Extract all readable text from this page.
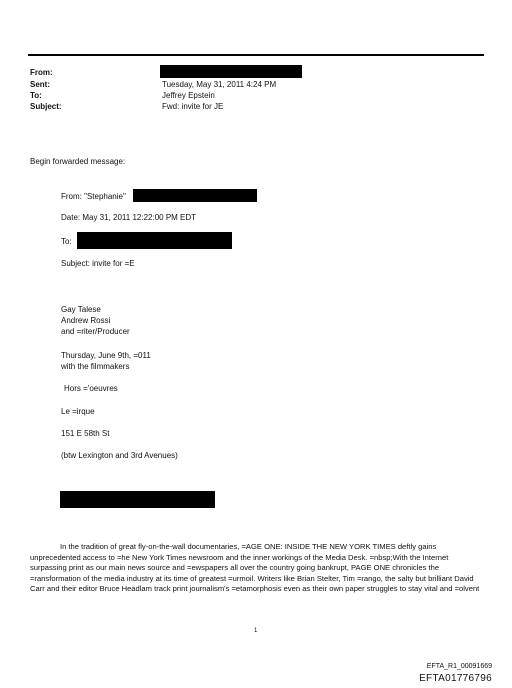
From:
Sent:	Tuesday, May 31, 2011 4:24 PM
To:	Jeffrey Epstein
Subject:	Fwd: invite for JE
Begin forwarded message:
From: "Stephanie"
Date: May 31, 2011 12:22:00 PM EDT
To:
Subject: invite for =E
Gay Talese
Andrew Rossi
and =riter/Producer
Thursday, June 9th, =011
with the filmmakers
Hors ='oeuvres
Le =irque
151 E 58th St
(btw Lexington and 3rd Avenues)
In the tradition of great fly-on-the-wall documentaries, =AGE ONE: INSIDE THE NEW YORK TIMES deftly gains unprecedented access to =he New York Times newsroom and the inner workings of the Media Desk. =nbsp;With the Internet surpassing print as our main news source and =ewspapers all over the country going bankrupt, PAGE ONE chronicles the =ransformation of the media industry at its time of greatest =urmoil. Writers like Brian Stelter, Tim =rango, the salty but brilliant David Carr and their editor Bruce Headlam track print journalism's =etamorphosis even as their own paper struggles to stay vital and =olvent
1
EFTA_R1_00091669
EFTA01776796
